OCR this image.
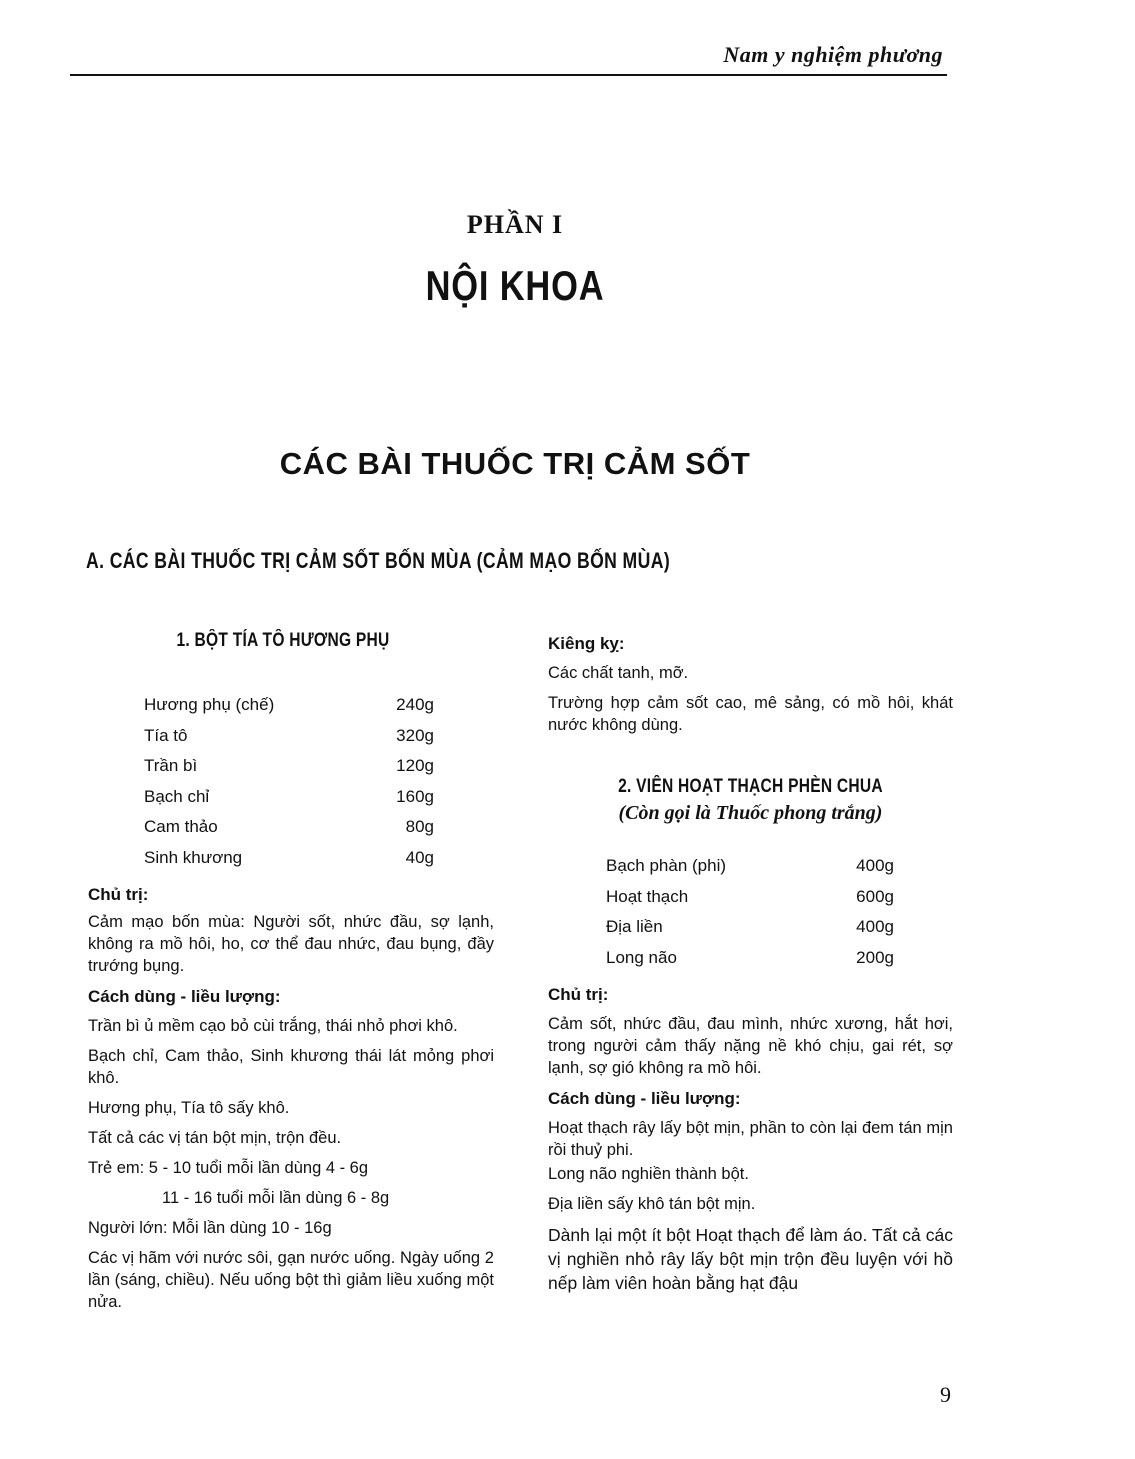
Nam y nghiệm phương
PHẦN I
NỘI KHOA
CÁC BÀI THUỐC TRỊ CẢM SỐT
A. CÁC BÀI THUỐC TRỊ CẢM SỐT BỐN MÙA (CẢM MẠO BỐN MÙA)
1. BỘT TÍA TÔ HƯƠNG PHỤ
Hương phụ (chế)	240g
Tía tô	320g
Trần bì	120g
Bạch chỉ	160g
Cam thảo	80g
Sinh khương	40g

Chủ trị:

Cảm mạo bốn mùa: Người sốt, nhức đầu, sợ lạnh, không ra mồ hôi, ho, cơ thể đau nhức, đau bụng, đầy trướng bụng.

Cách dùng - liều lượng:

Trần bì ủ mềm cạo bỏ cùi trắng, thái nhỏ phơi khô.

Bạch chỉ, Cam thảo, Sinh khương thái lát mỏng phơi khô.

Hương phụ, Tía tô sấy khô.

Tất cả các vị tán bột mịn, trộn đều.

Trẻ em: 5 - 10 tuổi mỗi lần dùng 4 - 6g

11 - 16 tuổi mỗi lần dùng 6 - 8g

Người lớn: Mỗi lần dùng 10 - 16g

Các vị hãm với nước sôi, gạn nước uống. Ngày uống 2 lần (sáng, chiều). Nếu uống bột thì giảm liều xuống một nửa.

Kiêng kỵ:

Các chất tanh, mỡ.

Trường hợp cảm sốt cao, mê sảng, có mồ hôi, khát nước không dùng.

2. VIÊN HOẠT THẠCH PHÈN CHUA
(Còn gọi là Thuốc phong trắng)
Bạch phàn (phi)	400g
Hoạt thạch	600g
Địa liền	400g
Long não	200g

Chủ trị:

Cảm sốt, nhức đầu, đau mình, nhức xương, hắt hơi, trong người cảm thấy nặng nề khó chịu, gai rét, sợ lạnh, sợ gió không ra mồ hôi.

Cách dùng - liều lượng:

Hoạt thạch rây lấy bột mịn, phần to còn lại đem tán mịn rồi thuỷ phi.

Long não nghiền thành bột.

Địa liền sấy khô tán bột mịn.

Dành lại một ít bột Hoạt thạch để làm áo. Tất cả các vị nghiền nhỏ rây lấy bột mịn trộn đều luyện với hồ nếp làm viên hoàn bằng hạt đậu

9
